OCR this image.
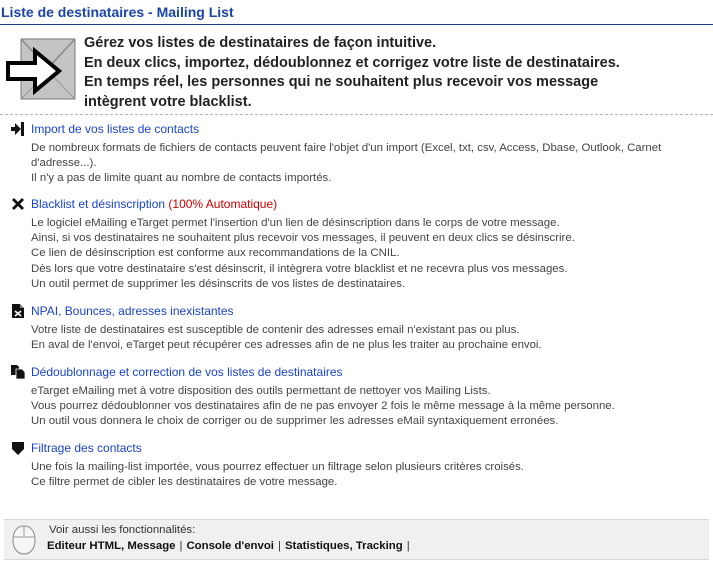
Liste de destinataires - Mailing List
Gérez vos listes de destinataires de façon intuitive.
En deux clics, importez, dédoublonnez et corrigez votre liste de destinataires.
En temps réel, les personnes qui ne souhaitent plus recevoir vos message
intègrent votre blacklist.
Import de vos listes de contacts

De nombreux formats de fichiers de contacts peuvent faire l'objet d'un import (Excel, txt, csv, Access, Dbase, Outlook, Carnet

d'adresse...).

Il n'y a pas de limite quant au nombre de contacts importés.

Blacklist et désinscription (100% Automatique)

Le logiciel eMailing eTarget permet l'insertion d'un lien de désinscription dans le corps de votre message.

Ainsi, si vos destinataires ne souhaitent plus recevoir vos messages, il peuvent en deux clics se désinscrire.

Ce lien de désinscription est conforme aux recommandations de la CNIL.

Dès lors que votre destinataire s'est désinscrit, il intègrera votre blacklist et ne recevra plus vos messages.

Un outil permet de supprimer les désinscrits de vos listes de destinataires.

NPAI, Bounces, adresses inexistantes

Votre liste de destinataires est susceptible de contenir des adresses email n'existant pas ou plus.

En aval de l'envoi, eTarget peut récupérer ces adresses afin de ne plus les traiter au prochaine envoi.

Dédoublonnage et correction de vos listes de destinataires

eTarget eMailing met à votre disposition des outils permettant de nettoyer vos Mailing Lists.

Vous pourrez dédoublonner vos destinataires afin de ne pas envoyer 2 fois le même message à la même personne.

Un outil vous donnera le choix de corriger ou de supprimer les adresses eMail syntaxiquement erronées.

Filtrage des contacts

Une fois la mailing-list importée, vous pourrez effectuer un filtrage selon plusieurs critères croisés.

Ce filtre permet de cibler les destinataires de votre message.

Voir aussi les fonctionnalités:
Editeur HTML, Message | Console d'envoi | Statistiques, Tracking |
